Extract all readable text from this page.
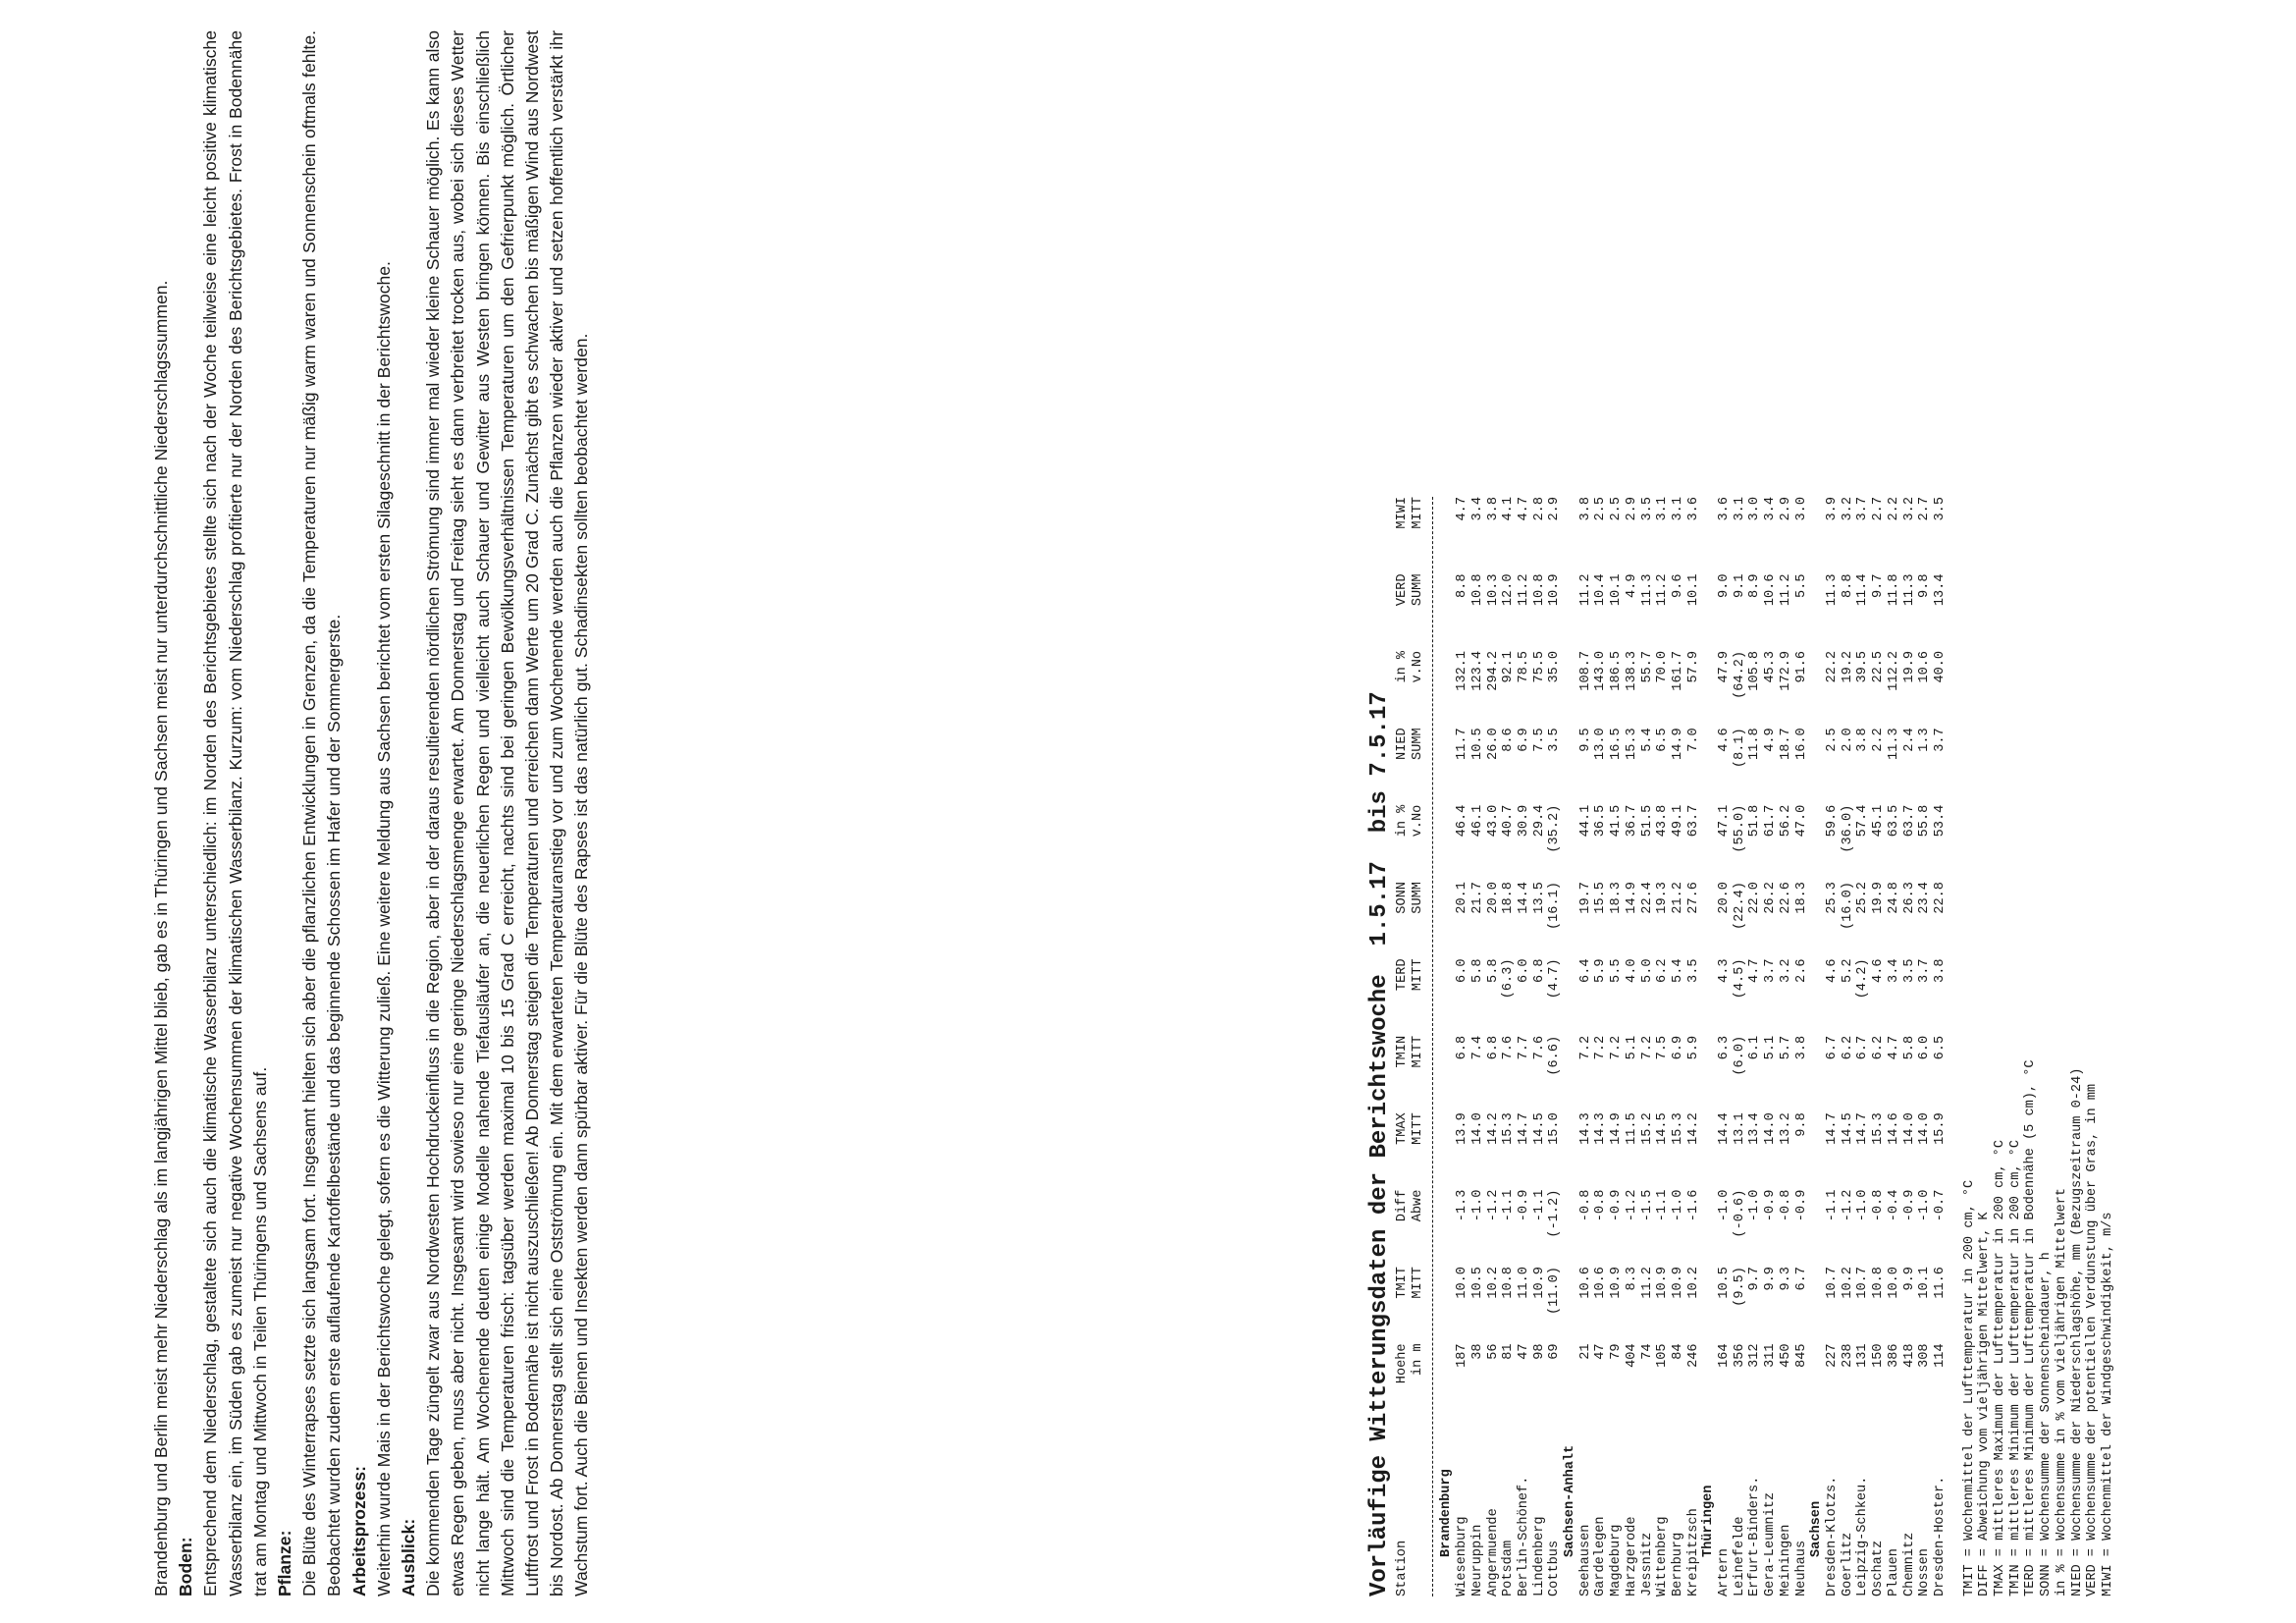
Brandenburg und Berlin meist mehr Niederschlag als im langjährigen Mittel blieb, gab es in Thüringen und Sachsen meist nur unterdurchschnittliche Niederschlagssummen. Boden: Entsprechend dem Niederschlag, gestaltete sich auch die klimatische Wasserbilanz unterschiedlich: im Norden des Berichtsgebietes stellte sich nach der Woche teilweise eine leicht positive klimatische Wasserbilanz ein, im Süden gab es zumeist nur negative Wochensummen der klimatischen Wasserbilanz. Kurzum: vom Niederschlag profitierte nur der Norden des Berichtsgebietes. Frost in Bodennähe trat am Montag und Mittwoch in Teilen Thüringens und Sachsens auf. Pflanze: Die Blüte des Winterrapses setzte sich langsam fort. Insgesamt hielten sich aber die pflanzlichen Entwicklungen in Grenzen, da die Temperaturen nur mäßig warm waren und Sonnenschein oftmals fehlte. Beobachtet wurden zudem erste auflaufende Kartoffelbestände und das beginnende Schossen im Hafer und der Sommergerste. Arbeitsprozess: Weiterhin wurde Mais in der Berichtswoche gelegt, sofern es die Witterung zuließ. Eine weitere Meldung aus Sachsen berichtet vom ersten Silageschnitt in der Berichtswoche. Ausblick: Die kommenden Tage züngelt zwar aus Nordwesten Hochdruckeinfluss in die Region, aber in der daraus resultierenden nördlichen Strömung sind immer mal wieder kleine Schauer möglich. Es kann also etwas Regen geben, muss aber nicht. Insgesamt wird sowieso nur eine geringe Niederschlagsmenge erwartet. Am Donnerstag und Freitag sieht es dann verbreitet trocken aus, wobei sich dieses Wetter nicht lange hält. Am Wochenende deuten einige Modelle nahende Tiefausläufer an, die neuerlichen Regen und vielleicht auch Schauer und Gewitter aus Westen bringen können. Bis einschließlich Mittwoch sind die Temperaturen frisch: tagsüber werden maximal 10 bis 15 Grad C erreicht, nachts sind bei geringen Bewölkungsverhältnissen Temperaturen um den Gefrierpunkt möglich. Örtlicher Luftfrost und Frost in Bodennähe ist nicht auszuschließen! Ab Donnerstag steigen die Temperaturen und erreichen dann Werte um 20 Grad C. Zunächst gibt es schwachen bis mäßigen Wind aus Nordwest bis Nordost. Ab Donnerstag stellt sich eine Ostströmung ein. Mit dem erwarteten Temperaturanstieg vor und zum Wochenende werden auch die Pflanzen wieder aktiver und setzen hoffentlich verstärkt ihr Wachstum fort. Auch die Bienen und Insekten werden dann spürbar aktiver. Für die Blüte des Rapses ist das natürlich gut. Schadinsekten sollten beobachtet werden.	Vorläufige Witterungsdaten der Berichtswoche  1.5.17  bis 7.5.17 Station	Hoehe	TMIT	Diff	TMAX	TMIN	TERD	SONN	in %	NIED	in %	VERD	MIWI
	in m	MITT	Abwe	MITT	MITT	MITT	SUMM	v.No	SUMM	v.No	SUMM	MITT

Brandenburg												
Wiesenburg	187	10.0	-1.3	13.9	6.8	6.0	20.1	46.4	11.7	132.1	8.8	4.7
Neuruppin	38	10.5	-1.0	14.0	7.4	5.8	21.7	46.1	10.5	123.4	10.8	3.4
Angermuende	56	10.2	-1.2	14.2	6.8	5.8	20.0	43.0	26.0	294.2	10.3	3.8
Potsdam	81	10.8	-1.1	15.3	7.6	(6.3)	18.8	40.7	8.6	92.1	12.0	4.1
Berlin-Schönef.	47	11.0	-0.9	14.7	7.7	6.0	14.4	30.9	6.9	78.5	11.2	4.7
Lindenberg	98	10.9	-1.1	14.5	7.6	6.8	13.5	29.4	7.5	75.5	10.8	2.8
Cottbus	69	(11.0)	(-1.2)	15.0	(6.6)	(4.7)	(16.1)	(35.2)	3.5	35.0	10.9	2.9
Sachsen-Anhalt												
Seehausen	21	10.6	-0.8	14.3	7.2	6.4	19.7	44.1	9.5	108.7	11.2	3.8
Gardelegen	47	10.6	-0.8	14.3	7.2	5.9	15.5	36.5	13.0	143.0	10.4	2.5
Magdeburg	79	10.9	-0.9	14.9	7.2	5.5	18.3	41.5	16.5	186.5	10.1	2.5
Harzgerode	404	8.3	-1.2	11.5	5.1	4.0	14.9	36.7	15.3	138.3	4.9	2.9
Jessnitz	74	11.2	-1.5	15.2	7.2	5.0	22.4	51.5	5.4	55.7	11.3	3.5
Wittenberg	105	10.9	-1.1	14.5	7.5	6.2	19.3	43.8	6.5	70.0	11.2	3.1
Bernburg	84	10.9	-1.0	15.3	6.9	5.4	21.2	49.1	14.9	161.7	9.6	3.1
Kreipitzsch	246	10.2	-1.6	14.2	5.9	3.5	27.6	63.7	7.0	57.9	10.1	3.6
Thüringen												
Artern	164	10.5	-1.0	14.4	6.3	4.3	20.0	47.1	4.6	47.9	9.0	3.6
Leinefelde	356	(9.5)	(-0.6)	13.1	(6.0)	(4.5)	(22.4)	(55.0)	(8.1)	(64.2)	9.1	3.1
Erfurt-Binders.	312	9.7	-1.0	13.4	6.1	4.7	22.0	51.8	11.8	105.8	8.9	3.0
Gera-Leumnitz	311	9.9	-0.9	14.0	5.1	3.7	26.2	61.7	4.9	45.3	10.6	3.4
Meiningen	450	9.3	-0.8	13.2	5.7	3.2	22.6	56.2	18.7	172.9	11.2	2.9
Neuhaus	845	6.7	-0.9	9.8	3.8	2.6	18.3	47.0	16.0	91.6	5.5	3.0
Sachsen												
Dresden-Klotzs.	227	10.7	-1.1	14.7	6.7	4.6	25.3	59.6	2.5	22.2	11.3	3.9
Goerlitz	238	10.2	-1.2	14.5	6.2	5.2	(16.0)	(36.0)	2.0	19.2	8.8	3.2
Leipzig-Schkeu.	131	10.7	-1.0	14.7	6.7	(4.2)	25.2	57.4	3.8	39.5	11.4	3.7
Oschatz	150	10.8	-0.8	15.3	6.2	4.6	19.9	45.1	2.2	22.5	9.7	2.7
Plauen	386	10.0	-0.4	14.6	4.7	3.4	24.8	63.5	11.3	112.2	11.8	2.2
Chemnitz	418	9.9	-0.9	14.0	5.8	3.5	26.3	63.7	2.4	19.9	11.3	3.2
Nossen	308	10.1	-1.0	14.0	6.0	3.7	23.4	55.8	1.3	10.6	9.8	2.7
Dresden-Hoster.	114	11.6	-0.7	15.9	6.5	3.8	22.8	53.4	3.7	40.0	13.4	3.5
TMIT = Wochenmittel der Lufttemperatur in 200 cm, °C DIFF = Abweichung vom vieljährigen Mittelwert, K TMAX = mittleres Maximum der Lufttemperatur in 200 cm, °C TMIN = mittleres Minimum der Lufttemperatur in 200 cm, °C TERD = mittleres Minimum der Lufttemperatur in Bodennähe (5 cm), °C SONN = Wochensumme der Sonnenscheindauer, h in % = Wochensumme in % vom vieljährigen Mittelwert NIED = Wochensumme der Niederschlagshöhe, mm (Bezugszeitraum 0-24) VERD = Wochensumme der potentiellen Verdunstung über Gras, in mm MIWI = Wochenmittel der Windgeschwindigkeit, m/s
